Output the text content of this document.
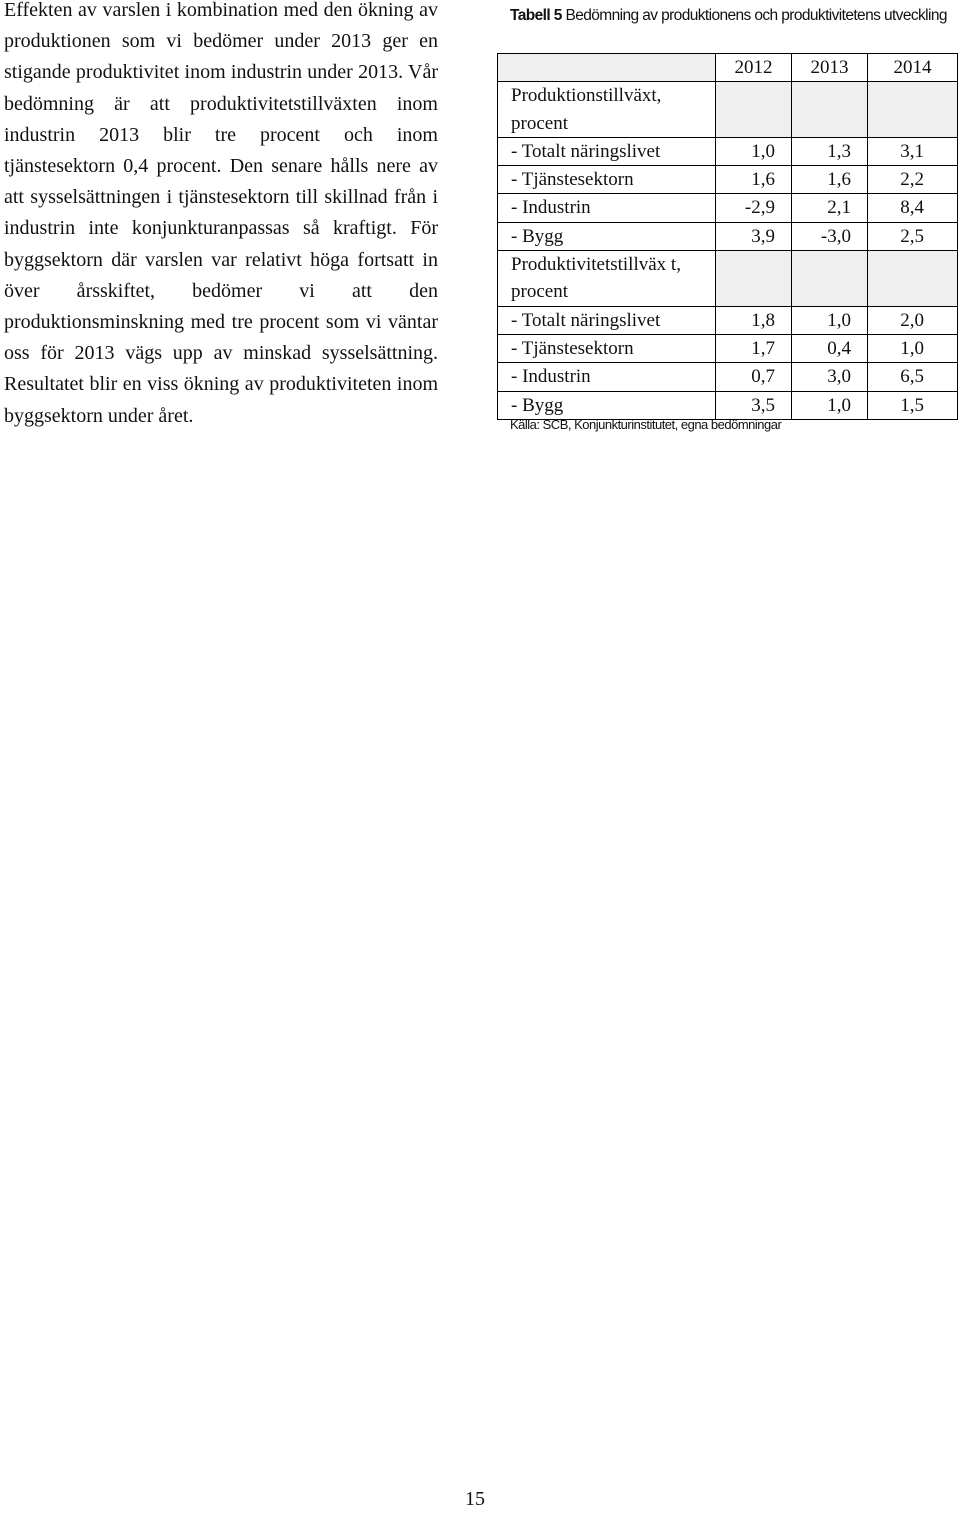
Effekten av varslen i kombination med den ökning av produktionen som vi bedömer under 2013 ger en stigande produktivitet inom industrin under 2013. Vår bedömning är att produktivitetstillväxten inom industrin 2013 blir tre procent och inom tjänstesektorn 0,4 procent. Den senare hålls nere av att sysselsättningen i tjänstesektorn till skillnad från i industrin inte konjunkturanpassas så kraftigt. För byggsektorn där varslen var relativt höga fortsatt in över årsskiftet, bedömer vi att den produktionsminskning med tre procent som vi väntar oss för 2013 vägs upp av minskad sysselsättning. Resultatet blir en viss ökning av produktiviteten inom byggsektorn under året.

Tabell 5 Bedömning av produktionens och produktivitetens utveckling

	2012	2013	2014
Produktionstillväxt, procent			
- Totalt näringslivet	1,0	1,3	3,1
- Tjänstesektorn	1,6	1,6	2,2
- Industrin	-2,9	2,1	8,4
- Bygg	3,9	-3,0	2,5
Produktivitetstillväx t, procent			
- Totalt näringslivet	1,8	1,0	2,0
- Tjänstesektorn	1,7	0,4	1,0
- Industrin	0,7	3,0	6,5
- Bygg	3,5	1,0	1,5

Källa: SCB, Konjunkturinstitutet, egna bedömningar

15
